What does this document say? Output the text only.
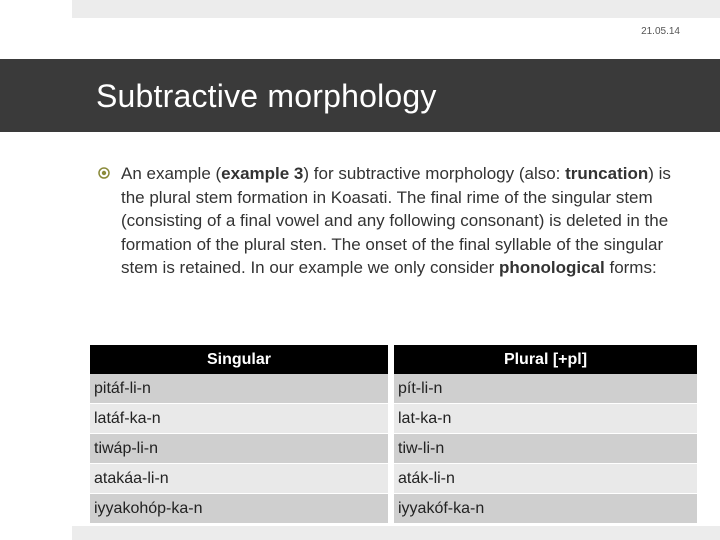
21.05.14
Subtractive morphology
An example (example 3) for subtractive morphology (also: truncation) is the plural stem formation in Koasati. The final rime of the singular stem (consisting of a final vowel and any following consonant) is deleted in the formation of the plural sten. The onset of the final syllable of the singular stem is retained. In our example we only consider phonological forms:
Singular		Plural [+pl]
pitáf-li-n		pít-li-n
latáf-ka-n		lat-ka-n
tiwáp-li-n		tiw-li-n
atakáa-li-n		aták-li-n
iyyakohóp-ka-n		iyyakóf-ka-n
